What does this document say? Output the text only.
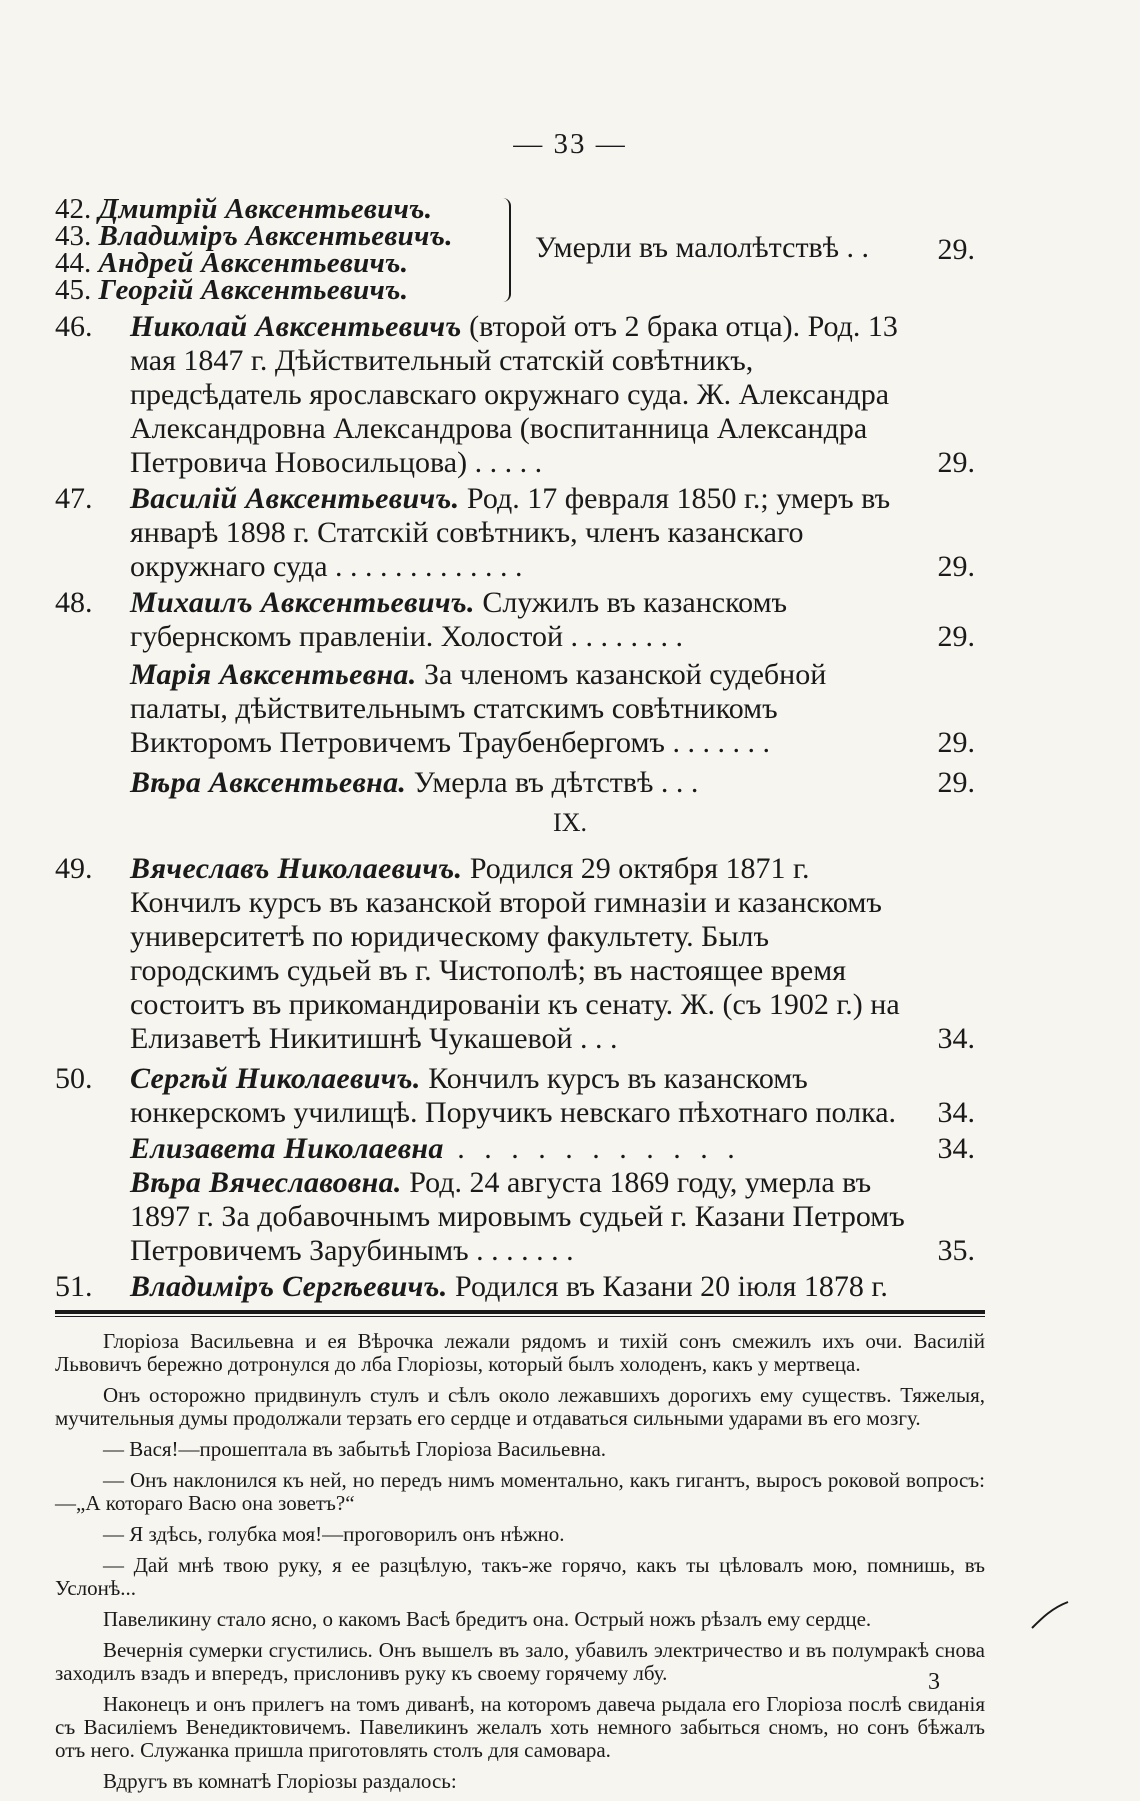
— 33 —
42. Дмитрій Авксентьевичъ.
43. Владиміръ Авксентьевичъ.
44. Андрей Авксентьевичъ.
45. Георгій Авксентьевичъ.
Умерли въ малолѣтствѣ . . 29.
46.	Николай Авксентьевичъ (второй отъ 2 брака отца). Род. 13 мая 1847 г. Дѣйствительный статскій совѣтникъ, предсѣдатель ярославскаго окружнаго суда. Ж. Александра Александровна Александрова (воспитанница Александра Петровича Новосильцова) . . . . .	29.
47.	Василій Авксентьевичъ. Род. 17 февраля 1850 г.; умеръ въ январѣ 1898 г. Статскій совѣтникъ, членъ казанскаго окружнаго суда . . . . . . . . . . . . .	29.
48.	Михаилъ Авксентьевичъ. Служилъ въ казанскомъ губернскомъ правленіи. Холостой . . . . . . . .	29.
Марія Авксентьевна. За членомъ казанской судебной палаты, дѣйствительнымъ статскимъ совѣтникомъ Викторомъ Петровичемъ Траубенбергомъ . . . . . . .	29.
Вѣра Авксентьевна. Умерла въ дѣтствѣ . . .	29.
IX.
49.	Вячеславъ Николаевичъ. Родился 29 октября 1871 г. Кончилъ курсъ въ казанской второй гимназіи и казанскомъ университетѣ по юридическому факультету. Былъ городскимъ судьей въ г. Чистополѣ; въ настоящее время состоитъ въ прикомандированіи къ сенату. Ж. (съ 1902 г.) на Елизаветѣ Никитишнѣ Чукашевой . . .	34.
50.	Сергѣй Николаевичъ. Кончилъ курсъ въ казанскомъ юнкерскомъ училищѣ. Поручикъ невскаго пѣхотнаго полка. 34.
Елизавета Николаевна . . . . . . . . . . .	34.
Вѣра Вячеславовна. Род. 24 августа 1869 году, умерла въ 1897 г. За добавочнымъ мировымъ судьей г. Казани Петромъ Петровичемъ Зарубинымъ . . . . . . .	35.
51.	Владиміръ Сергѣевичъ. Родился въ Казани 20 іюля 1878 г.

Глоріоза Васильевна и ея Вѣрочка лежали рядомъ и тихій сонъ смежилъ ихъ очи. Василій Львовичъ бережно дотронулся до лба Глоріозы, который былъ холоденъ, какъ у мертвеца.

Онъ осторожно придвинулъ стулъ и сѣлъ около лежавшихъ дорогихъ ему существъ. Тяжелыя, мучительныя думы продолжали терзать его сердце и отдаваться сильными ударами въ его мозгу.

— Вася!—прошептала въ забытьѣ Глоріоза Васильевна.

— Онъ наклонился къ ней, но передъ нимъ моментально, какъ гигантъ, выросъ роковой вопросъ:—„А котораго Васю она зоветъ?“

— Я здѣсь, голубка моя!—проговорилъ онъ нѣжно.

— Дай мнѣ твою руку, я ее разцѣлую, такъ-же горячо, какъ ты цѣловалъ мою, помнишь, въ Услонѣ...

Павеликину стало ясно, о какомъ Васѣ бредитъ она. Острый ножъ рѣзалъ ему сердце.

Вечернія сумерки сгустились. Онъ вышелъ въ зало, убавилъ электричество и въ полумракѣ снова заходилъ взадъ и впередъ, прислонивъ руку къ своему горячему лбу.

Наконецъ и онъ прилегъ на томъ диванѣ, на которомъ давеча рыдала его Глоріоза послѣ свиданія съ Василіемъ Венедиктовичемъ. Павеликинъ желалъ хоть немного забыться сномъ, но сонъ бѣжалъ отъ него. Служанка пришла приготовлять столъ для самовара.

Вдругъ въ комнатѣ Глоріозы раздалось:

3
